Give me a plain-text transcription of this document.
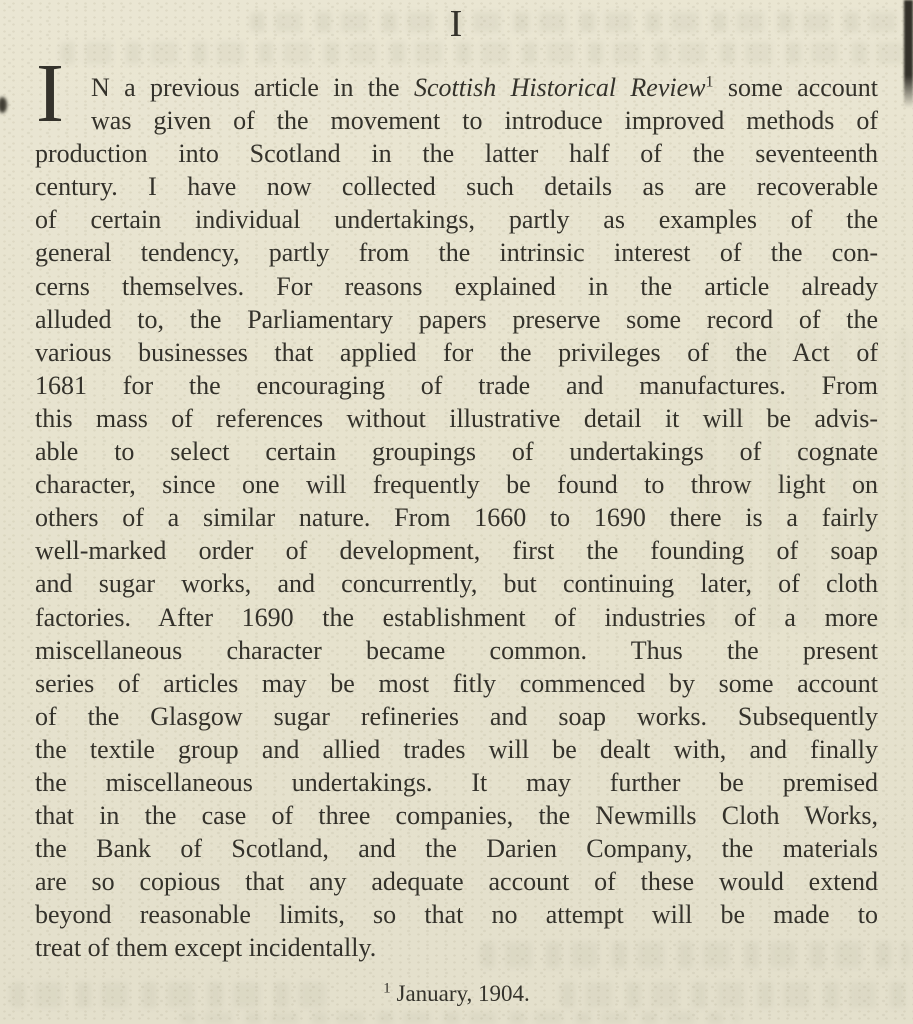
I
I	N a previous article in the Scottish Historical Review$^1$ some account
was given of the movement to introduce improved methods of
production into Scotland in the latter half of the seventeenth
century. I have now collected such details as are recoverable
of certain individual undertakings, partly as examples of the
general tendency, partly from the intrinsic interest of the con-
cerns themselves. For reasons explained in the article already
alluded to, the Parliamentary papers preserve some record of the
various businesses that applied for the privileges of the Act of
1681 for the encouraging of trade and manufactures. From
this mass of references without illustrative detail it will be advis-
able to select certain groupings of undertakings of cognate
character, since one will frequently be found to throw light on
others of a similar nature. From 1660 to 1690 there is a fairly
well-marked order of development, first the founding of soap
and sugar works, and concurrently, but continuing later, of cloth
factories. After 1690 the establishment of industries of a more
miscellaneous character became common. Thus the present
series of articles may be most fitly commenced by some account
of the Glasgow sugar refineries and soap works. Subsequently
the textile group and allied trades will be dealt with, and finally
the miscellaneous undertakings. It may further be premised
that in the case of three companies, the Newmills Cloth Works,
the Bank of Scotland, and the Darien Company, the materials
are so copious that any adequate account of these would extend
beyond reasonable limits, so that no attempt will be made to
treat of them except incidentally.
$^1$ January, 1904.
